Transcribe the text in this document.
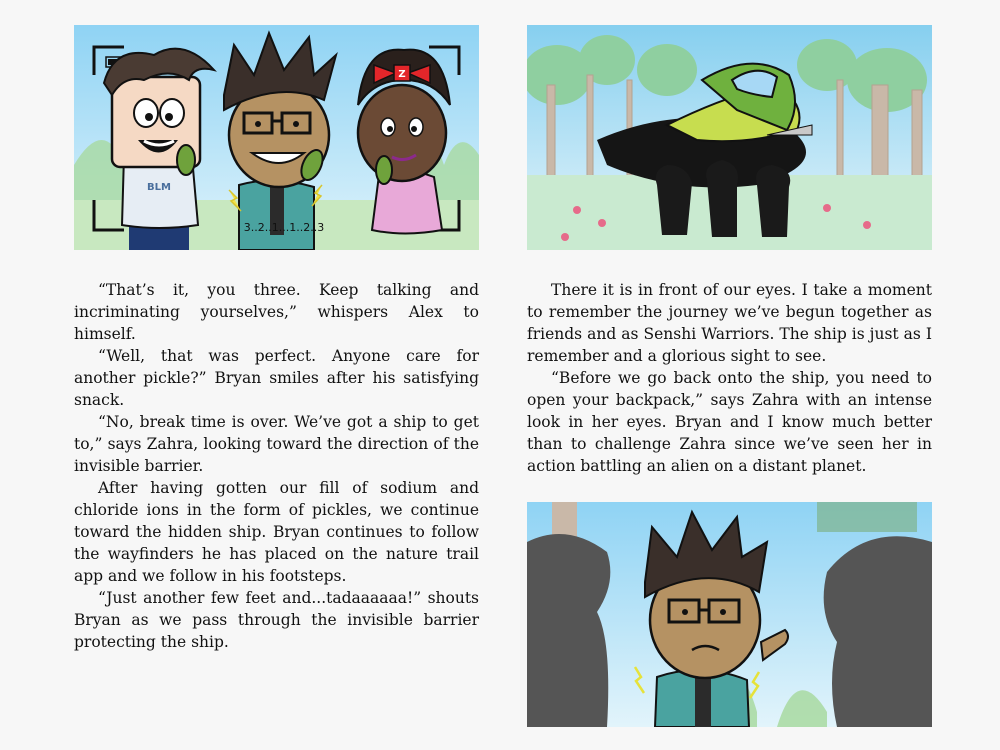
BLM
3..2..1...1..2..3
Z

“That’s it, you three. Keep talking and incriminating yourselves,” whispers Alex to himself.

“Well, that was perfect. Anyone care for another pickle?” Bryan smiles after his satisfying snack.

“No, break time is over. We’ve got a ship to get to,” says Zahra, looking toward the direction of the invisible barrier.

After having gotten our fill of sodium and chloride ions in the form of pickles, we continue toward the hidden ship. Bryan continues to follow the wayfinders he has placed on the nature trail app and we follow in his footsteps.

“Just another few feet and...tadaaaaaa!” shouts Bryan as we pass through the invisible barrier protecting the ship.

There it is in front of our eyes. I take a moment to remember the journey we’ve begun together as friends and as Senshi Warriors. The ship is just as I remember and a glorious sight to see.

“Before we go back onto the ship, you need to open your backpack,” says Zahra with an intense look in her eyes. Bryan and I know much better than to challenge Zahra since we’ve seen her in action battling an alien on a distant planet.
